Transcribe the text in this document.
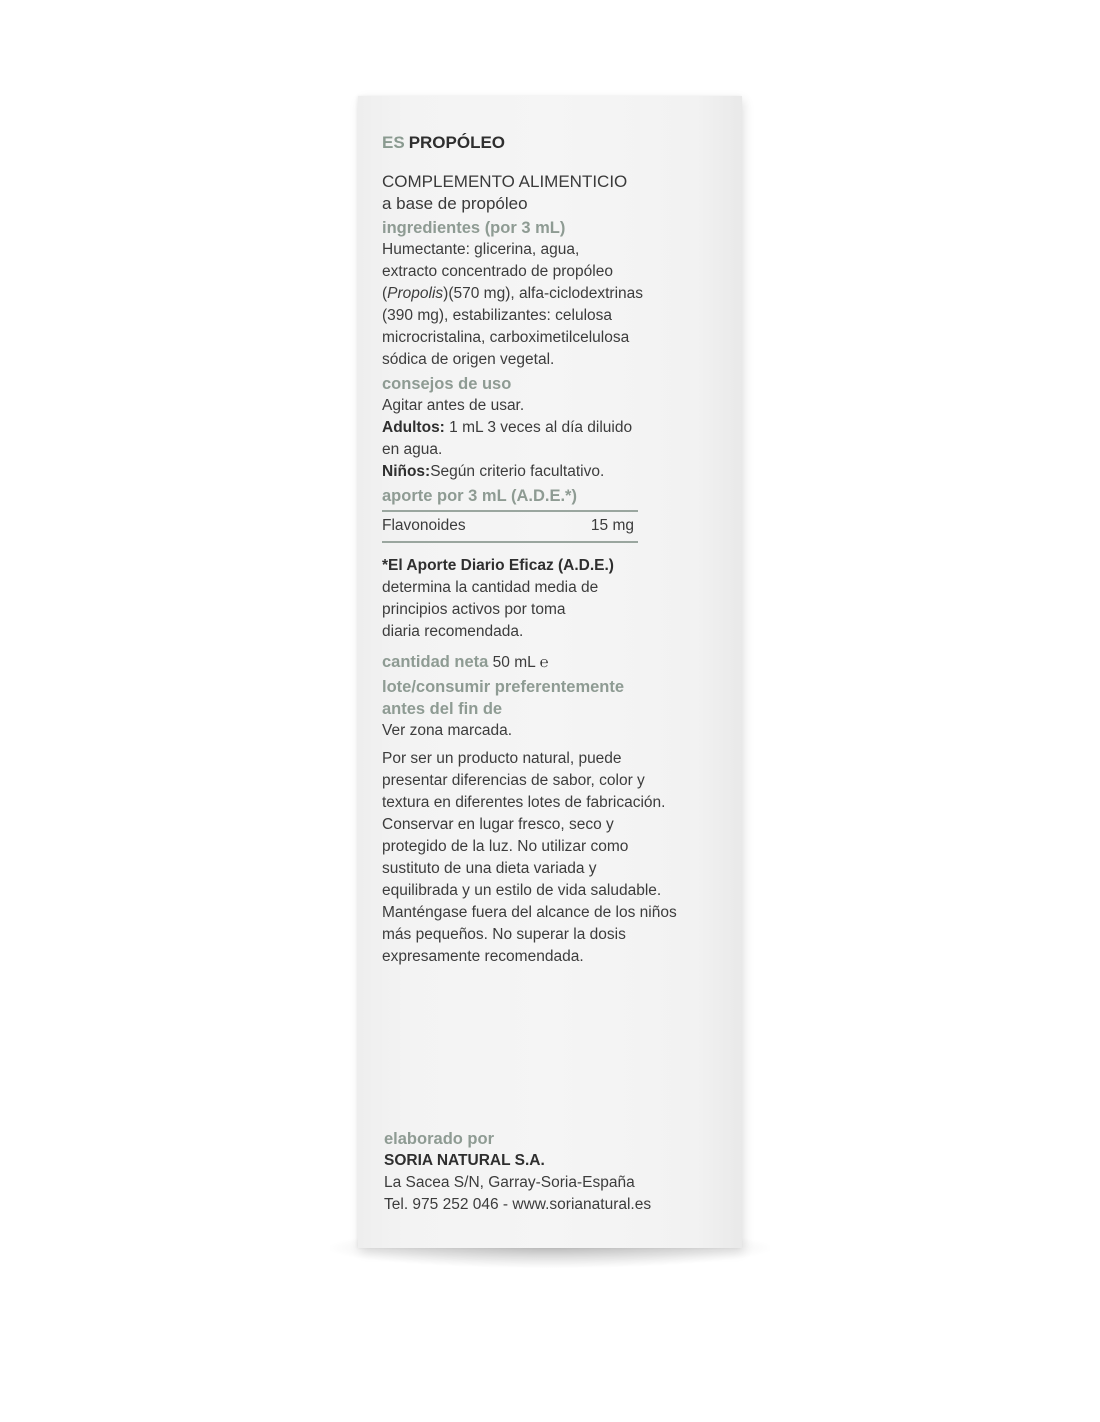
ES PROPÓLEO

COMPLEMENTO ALIMENTICIO

a base de propóleo

ingredientes (por 3 mL)

Humectante: glicerina, agua,

extracto concentrado de propóleo

(Propolis)(570 mg), alfa-ciclodextrinas

(390 mg), estabilizantes: celulosa

microcristalina, carboximetilcelulosa

sódica de origen vegetal.

consejos de uso

Agitar antes de usar.

Adultos: 1 mL 3 veces al día diluido

en agua.

Niños:Según criterio facultativo.

aporte por 3 mL (A.D.E.*)

Flavonoides	15 mg

*El Aporte Diario Eficaz (A.D.E.)

determina la cantidad media de

principios activos por toma

diaria recomendada.

cantidad neta 50 mL ℮

lote/consumir preferentemente

antes del fin de

Ver zona marcada.

Por ser un producto natural, puede

presentar diferencias de sabor, color y

textura en diferentes lotes de fabricación.

Conservar en lugar fresco, seco y

protegido de la luz. No utilizar como

sustituto de una dieta variada y

equilibrada y un estilo de vida saludable.

Manténgase fuera del alcance de los niños

más pequeños. No superar la dosis

expresamente recomendada.

elaborado por

SORIA NATURAL S.A.

La Sacea S/N, Garray-Soria-España

Tel. 975 252 046 - www.sorianatural.es
